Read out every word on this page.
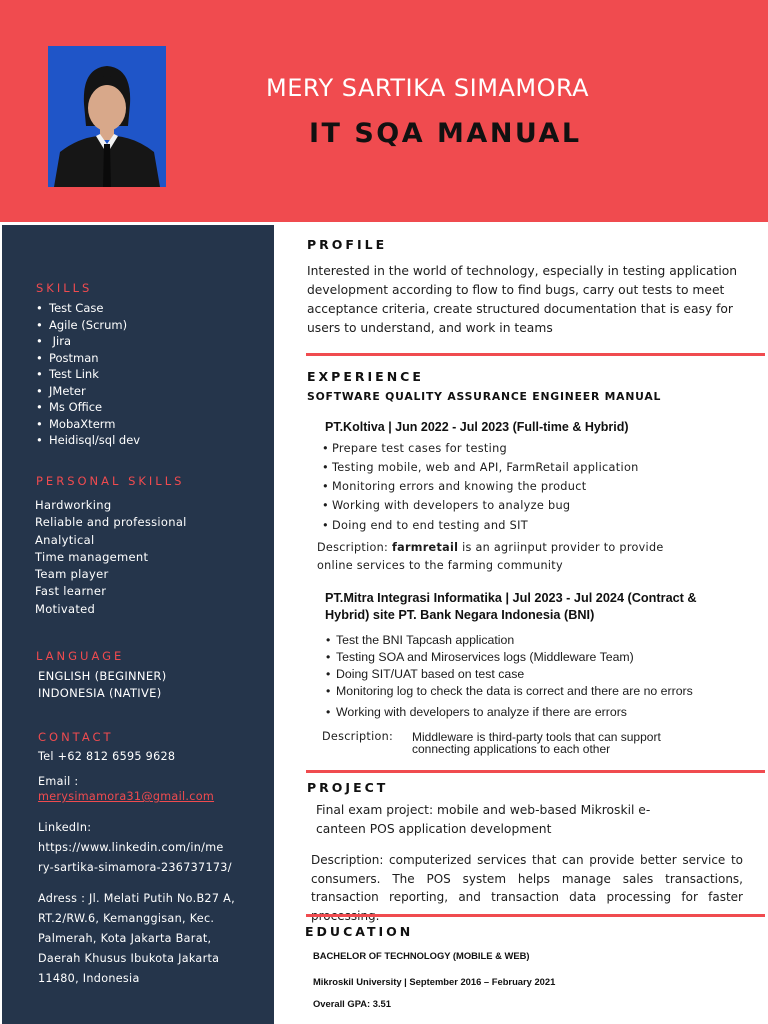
MERY SARTIKA SIMAMORA
IT SQA MANUAL
SKILLS
• Test Case
• Agile (Scrum)
• Jira
• Postman
• Test Link
• JMeter
• Ms Office
• MobaXterm
• Heidisql/sql dev
PERSONAL SKILLS
Hardworking
Reliable and professional
Analytical
Time management
Team player
Fast learner
Motivated
LANGUAGE
ENGLISH (BEGINNER)
INDONESIA (NATIVE)
CONTACT
Tel +62 812 6595 9628
Email :
merysimamora31@gmail.com
LinkedIn:
https://www.linkedin.com/in/me
ry-sartika-simamora-236737173/
Adress : Jl. Melati Putih No.B27 A,
RT.2/RW.6, Kemanggisan, Kec.
Palmerah, Kota Jakarta Barat,
Daerah Khusus Ibukota Jakarta
11480, Indonesia
PROFILE
Interested in the world of technology, especially in testing application development according to flow to find bugs, carry out tests to meet acceptance criteria, create structured documentation that is easy for users to understand, and work in teams
EXPERIENCE
SOFTWARE QUALITY ASSURANCE ENGINEER MANUAL
PT.Koltiva | Jun 2022 - Jul 2023 (Full-time & Hybrid)
• Prepare test cases for testing
• Testing mobile, web and API, FarmRetail application
• Monitoring errors and knowing the product
• Working with developers to analyze bug
• Doing end to end testing and SIT
Description: farmretail is an agriinput provider to provide
online services to the farming community
PT.Mitra Integrasi Informatika | Jul 2023 - Jul 2024 (Contract &
Hybrid) site PT. Bank Negara Indonesia (BNI)
• Test the BNI Tapcash application
• Testing SOA and Miroservices logs (Middleware Team)
• Doing SIT/UAT based on test case
• Monitoring log to check the data is correct and there are no errors
• Working with developers to analyze if there are errors
Description: Middleware is third-party tools that can support
connecting applications to each other
PROJECT
Final exam project: mobile and web-based Mikroskil e-
canteen POS application development
Description: computerized services that can provide better service to consumers. The POS system helps manage sales transactions, transaction reporting, and transaction data processing for faster
EDUCATION
BACHELOR OF TECHNOLOGY (MOBILE & WEB)
Mikroskil University | September 2016 – February 2021
Overall GPA: 3.51
